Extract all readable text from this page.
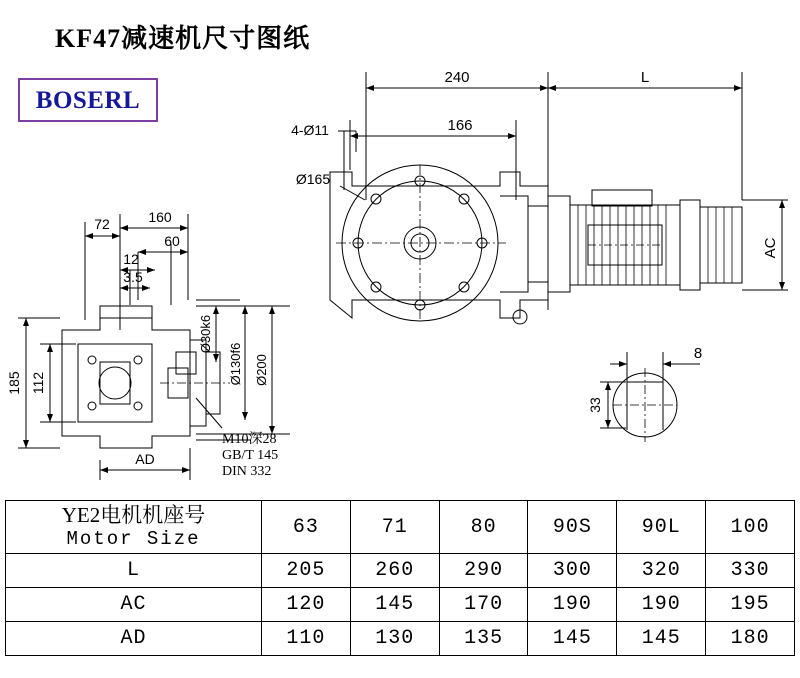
KF47减速机尺寸图纸
BOSERL
240	L
166
4-Ø11
Ø165
AC
72	160
60
12
3.5
185 112
AD
Ø30k6
Ø130f6 Ø200
M10深28
GB/T 145
DIN 332
8
33
YE2电机机座号
Motor Size	63	71	80	90S	90L	100
L	205	260	290	300	320	330
AC	120	145	170	190	190	195
AD	110	130	135	145	145	180
